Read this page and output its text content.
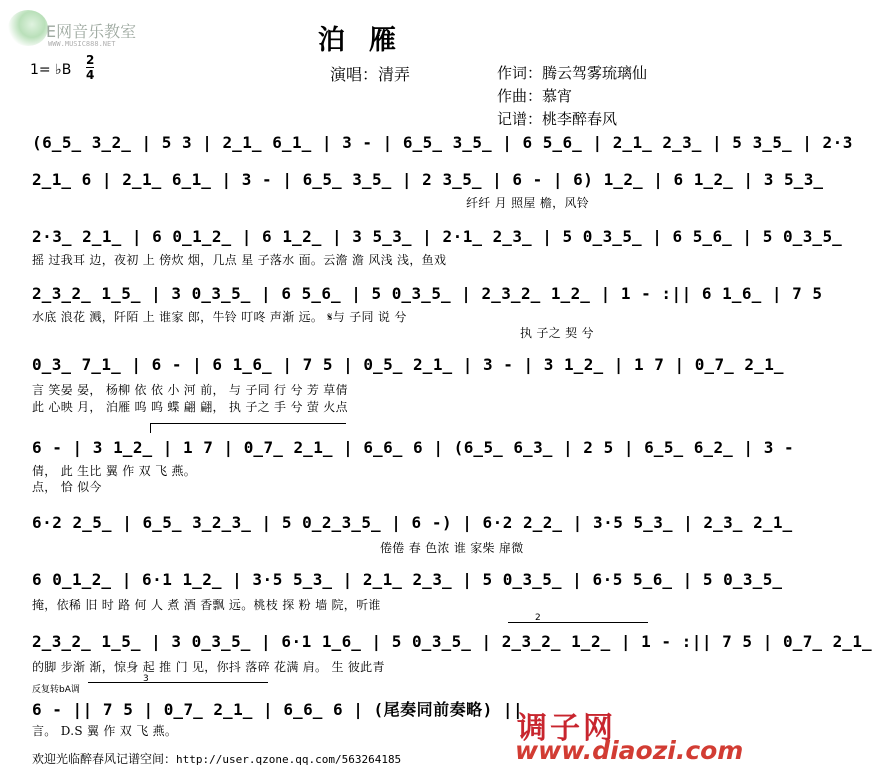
E网音乐教室
WWW.MUSIC888.NET	泊雁
演唱：清弄
1= ♭B
2
4	作词：腾云驾雾琉璃仙
作曲：慕宵
记谱：桃李醉春风
(6̲5̲ 3̲2̲ | 5 3 | 2̲1̲ 6̲1̲ | 3 - | 6̲5̲ 3̲5̲ | 6 5̲6̲ | 2̲1̲ 2̲3̲ | 5 3̲5̲ | 2·3
2̲1̲ 6 | 2̲1̲ 6̲1̲ | 3 - | 6̲5̲ 3̲5̲ | 2 3̲5̲ | 6 - | 6) 1̲2̲ | 6 1̲2̲ | 3 5̲3̲
纤纤 月 照屋 檐，风铃
2·3̲ 2̲1̲ | 6 0̲1̲2̲ | 6 1̲2̲ | 3 5̲3̲ | 2·1̲ 2̲3̲ | 5 0̲3̲5̲ | 6 5̲6̲ | 5 0̲3̲5̲
摇 过我耳 边，夜初 上 傍炊 烟，几点 星 子落水 面。云澹 澹 风浅 浅，鱼戏
2̲3̲2̲ 1̲5̲ | 3 0̲3̲5̲ | 6 5̲6̲ | 5 0̲3̲5̲ | 2̲3̲2̲ 1̲2̲ | 1 - :|| 6 1̲6̲ | 7 5
水底 浪花 溅，阡陌 上 谁家 郎，牛铃 叮咚 声渐 远。 𝄋与 子同 说 兮
执 子之 契 兮
0̲3̲ 7̲1̲ | 6 - | 6 1̲6̲ | 7 5 | 0̲5̲ 2̲1̲ | 3 - | 3 1̲2̲ | 1 7 | 0̲7̲ 2̲1̲
言 笑晏 晏， 杨柳 依 依 小 河 前， 与 子同 行 兮 芳 草倩
此 心映 月， 泊雁 呜 呜 蝶 翩 翩， 执 子之 手 兮 萤 火点
6 - | 3 1̲2̲ | 1 7 | 0̲7̲ 2̲1̲ | 6̲6̲ 6 | (6̲5̲ 6̲3̲ | 2 5 | 6̲5̲ 6̲2̲ | 3 -
倩， 此 生比 翼 作 双 飞 燕。
点， 恰 似今
6·2 2̲5̲ | 6̲5̲ 3̲2̲3̲ | 5 0̲2̲3̲5̲ | 6 -) | 6·2 2̲2̲ | 3·5 5̲3̲ | 2̲3̲ 2̲1̲
倦倦 春 色浓 谁 家柴 扉微
6 0̲1̲2̲ | 6·1 1̲2̲ | 3·5 5̲3̲ | 2̲1̲ 2̲3̲ | 5 0̲3̲5̲ | 6·5 5̲6̲ | 5 0̲3̲5̲
掩，依稀 旧 时 路 何 人 煮 酒 香飘 远。桃枝 探 粉 墙 院，听谁
2
2̲3̲2̲ 1̲5̲ | 3 0̲3̲5̲ | 6·1 1̲6̲ | 5 0̲3̲5̲ | 2̲3̲2̲ 1̲2̲ | 1 - :|| 7 5 | 0̲7̲ 2̲1̲
的脚 步渐 渐，惊身 起 推 门 见，你抖 落碎 花满 肩。 生 彼此青
反复转bA调
3
6 - || 7 5 | 0̲7̲ 2̲1̲ | 6̲6̲ 6 | (尾奏同前奏略) ||
言。 D.S 翼 作 双 飞 燕。
欢迎光临醉春风记谱空间：http://user.qzone.qq.com/563264185
调子网
www.diaozi.com
